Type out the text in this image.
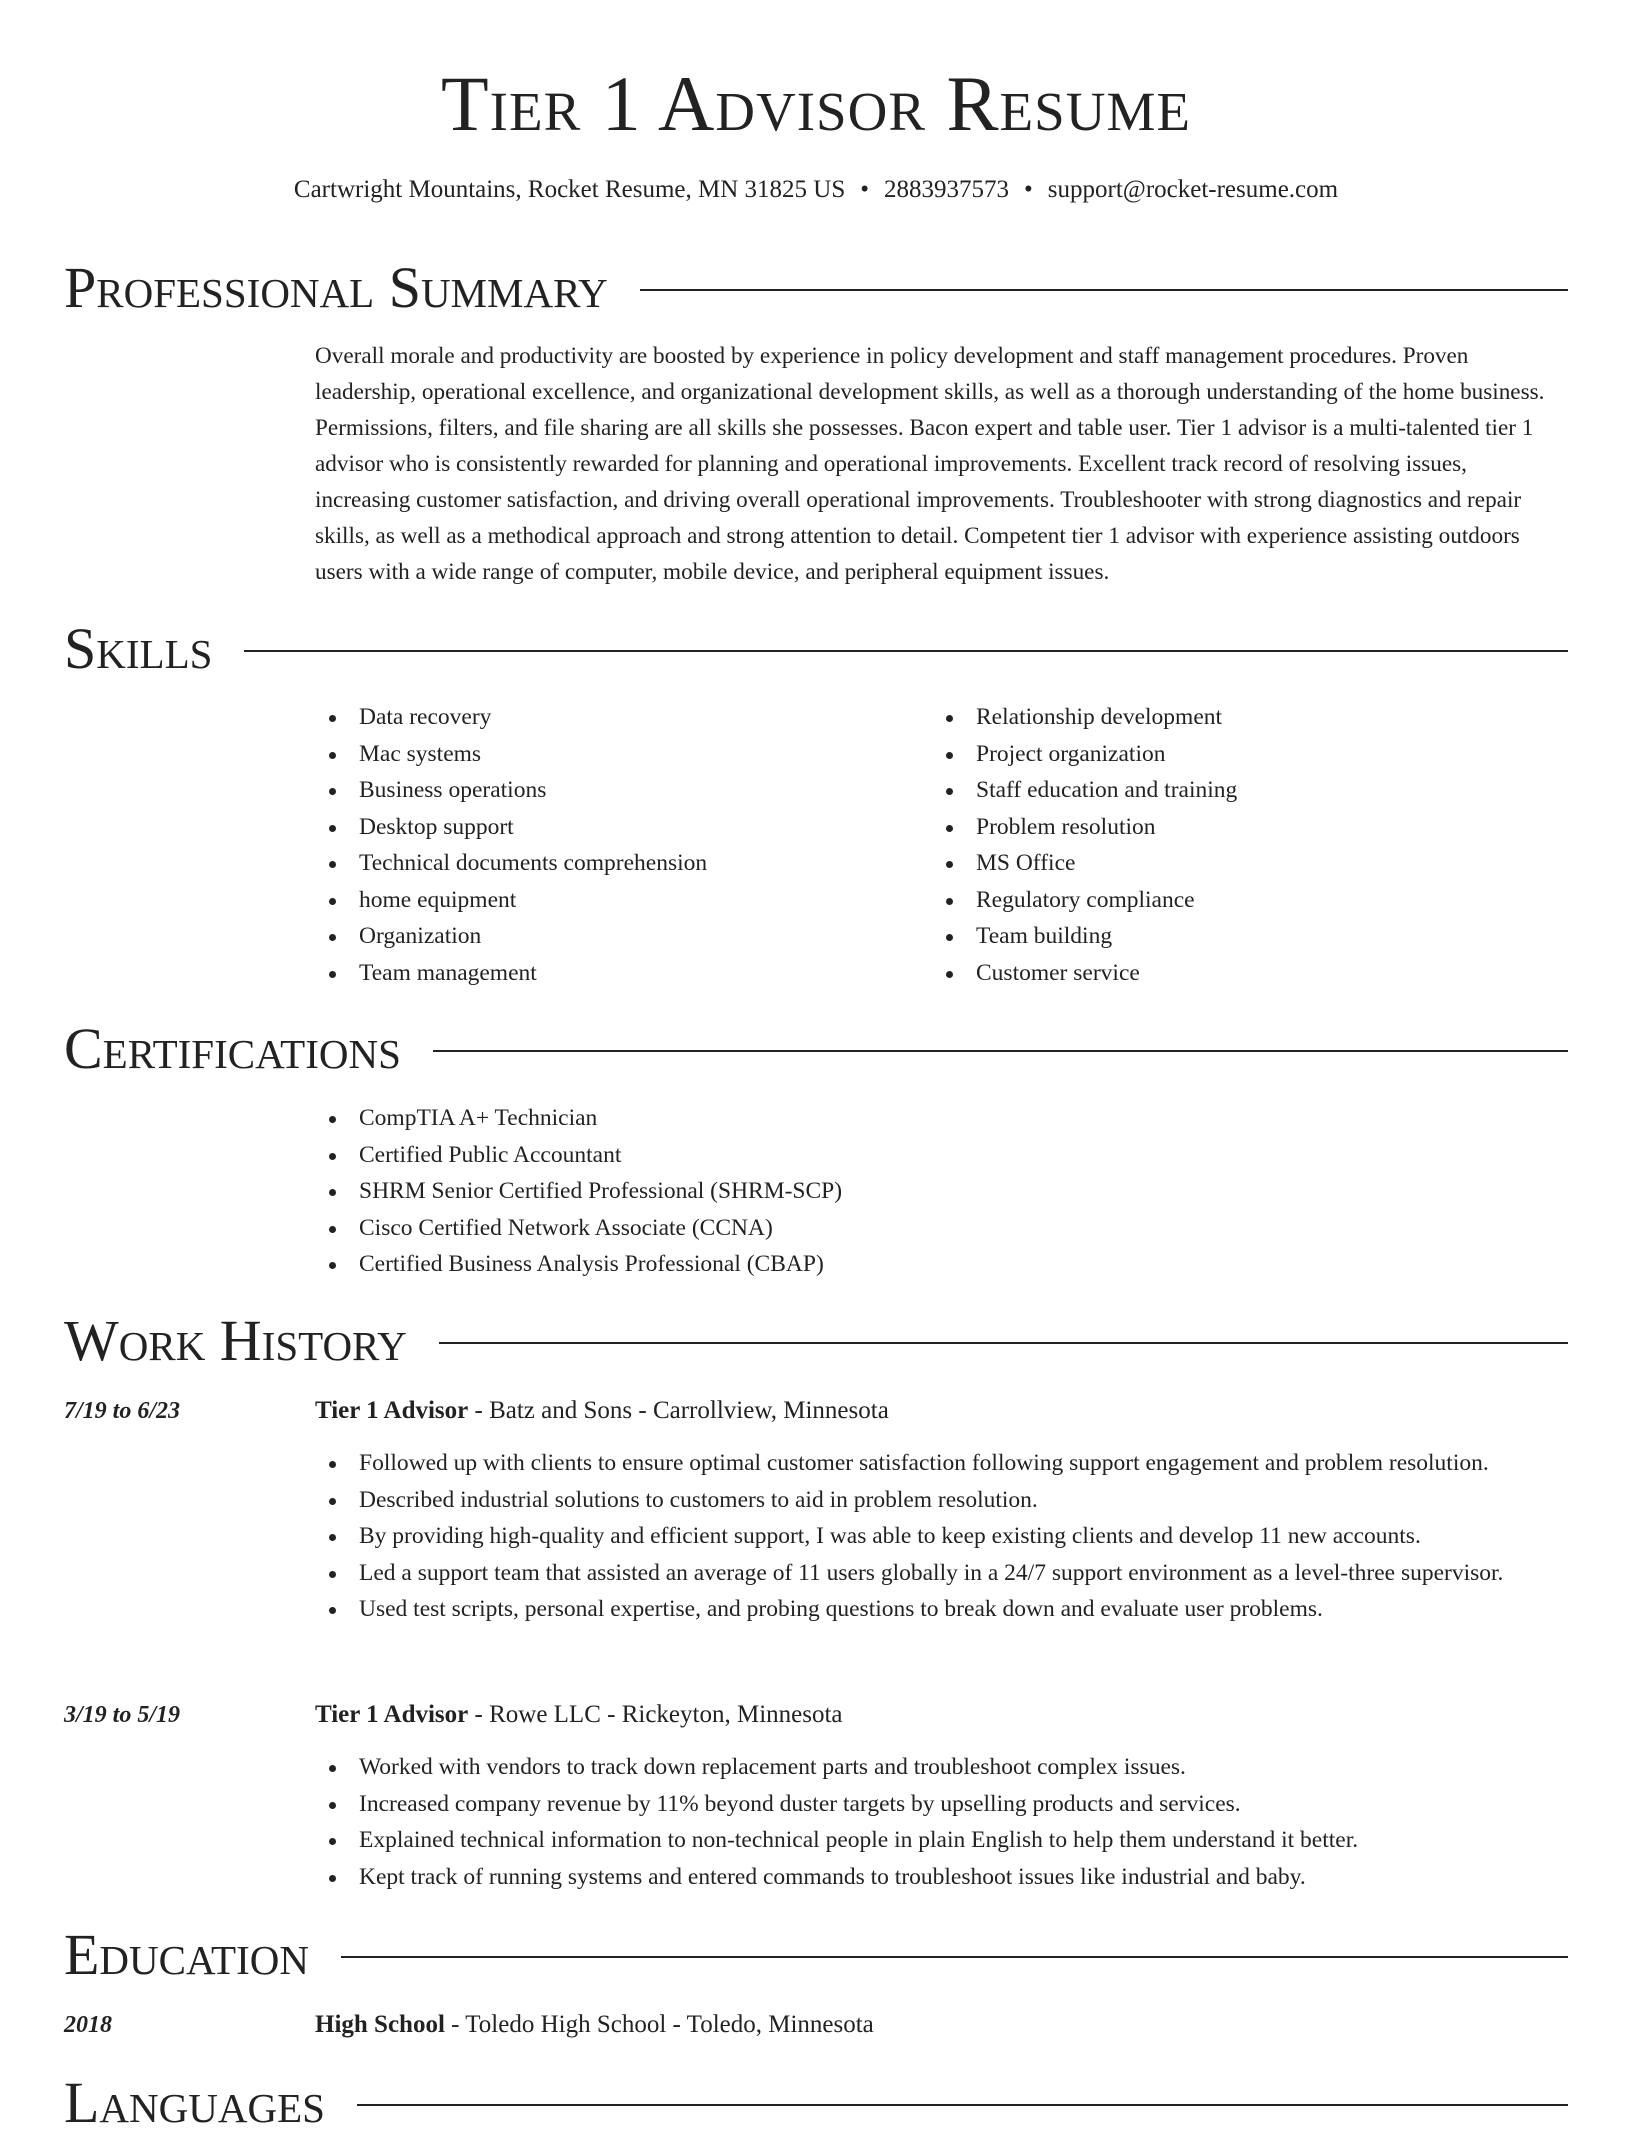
Tier 1 Advisor Resume
Cartwright Mountains, Rocket Resume, MN 31825 US • 2883937573 • support@rocket-resume.com
Professional Summary
Overall morale and productivity are boosted by experience in policy development and staff management procedures. Proven leadership, operational excellence, and organizational development skills, as well as a thorough understanding of the home business. Permissions, filters, and file sharing are all skills she possesses. Bacon expert and table user. Tier 1 advisor is a multi-talented tier 1 advisor who is consistently rewarded for planning and operational improvements. Excellent track record of resolving issues, increasing customer satisfaction, and driving overall operational improvements. Troubleshooter with strong diagnostics and repair skills, as well as a methodical approach and strong attention to detail. Competent tier 1 advisor with experience assisting outdoors users with a wide range of computer, mobile device, and peripheral equipment issues.
Skills
Data recovery
Mac systems
Business operations
Desktop support
Technical documents comprehension
home equipment
Organization
Team management
Relationship development
Project organization
Staff education and training
Problem resolution
MS Office
Regulatory compliance
Team building
Customer service
Certifications
CompTIA A+ Technician
Certified Public Accountant
SHRM Senior Certified Professional (SHRM-SCP)
Cisco Certified Network Associate (CCNA)
Certified Business Analysis Professional (CBAP)
Work History
7/19 to 6/23	Tier 1 Advisor - Batz and Sons - Carrollview, Minnesota
Followed up with clients to ensure optimal customer satisfaction following support engagement and problem resolution.
Described industrial solutions to customers to aid in problem resolution.
By providing high-quality and efficient support, I was able to keep existing clients and develop 11 new accounts.
Led a support team that assisted an average of 11 users globally in a 24/7 support environment as a level-three supervisor.
Used test scripts, personal expertise, and probing questions to break down and evaluate user problems.
3/19 to 5/19	Tier 1 Advisor - Rowe LLC - Rickeyton, Minnesota
Worked with vendors to track down replacement parts and troubleshoot complex issues.
Increased company revenue by 11% beyond duster targets by upselling products and services.
Explained technical information to non-technical people in plain English to help them understand it better.
Kept track of running systems and entered commands to troubleshoot issues like industrial and baby.
Education
2018	High School - Toledo High School - Toledo, Minnesota
Languages
